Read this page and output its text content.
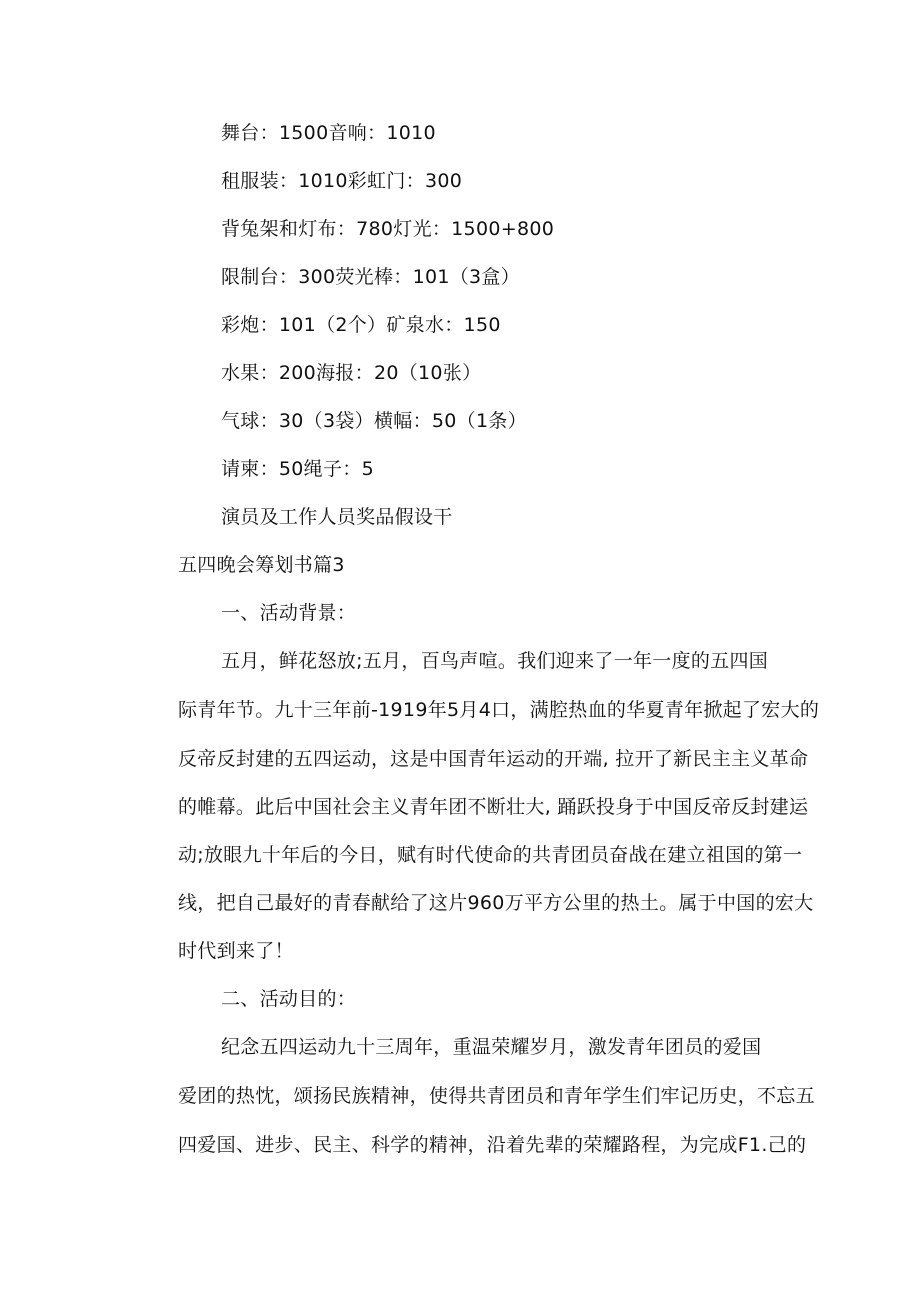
舞台：1500音响：1010
租服装：1010彩虹门：300
背兔架和灯布：780灯光：1500+800
限制台：300荧光棒：101（3盒）
彩炮：101（2个）矿泉水：150
水果：200海报：20（10张）
气球：30（3袋）横幅：50（1条）
请柬：50绳子：5
演员及工作人员奖品假设干
五四晚会筹划书篇3
一、活动背景：
五月，鲜花怒放;五月，百鸟声喧。我们迎来了一年一度的五四国
际青年节。九十三年前-1919年5月4口，满腔热血的华夏青年掀起了宏大的
反帝反封建的五四运动，这是中国青年运动的开端, 拉开了新民主主义革命
的帷幕。此后中国社会主义青年团不断壮大, 踊跃投身于中国反帝反封建运
动;放眼九十年后的今日，赋有时代使命的共青团员奋战在建立祖国的第一
线，把自己最好的青春献给了这片960万平方公里的热土。属于中国的宏大
时代到来了！
二、活动目的：
纪念五四运动九十三周年，重温荣耀岁月，激发青年团员的爱国
爱团的热忱，颂扬民族精神，使得共青团员和青年学生们牢记历史，不忘五
四爱国、进步、民主、科学的精神，沿着先辈的荣耀路程，为完成F1.己的
